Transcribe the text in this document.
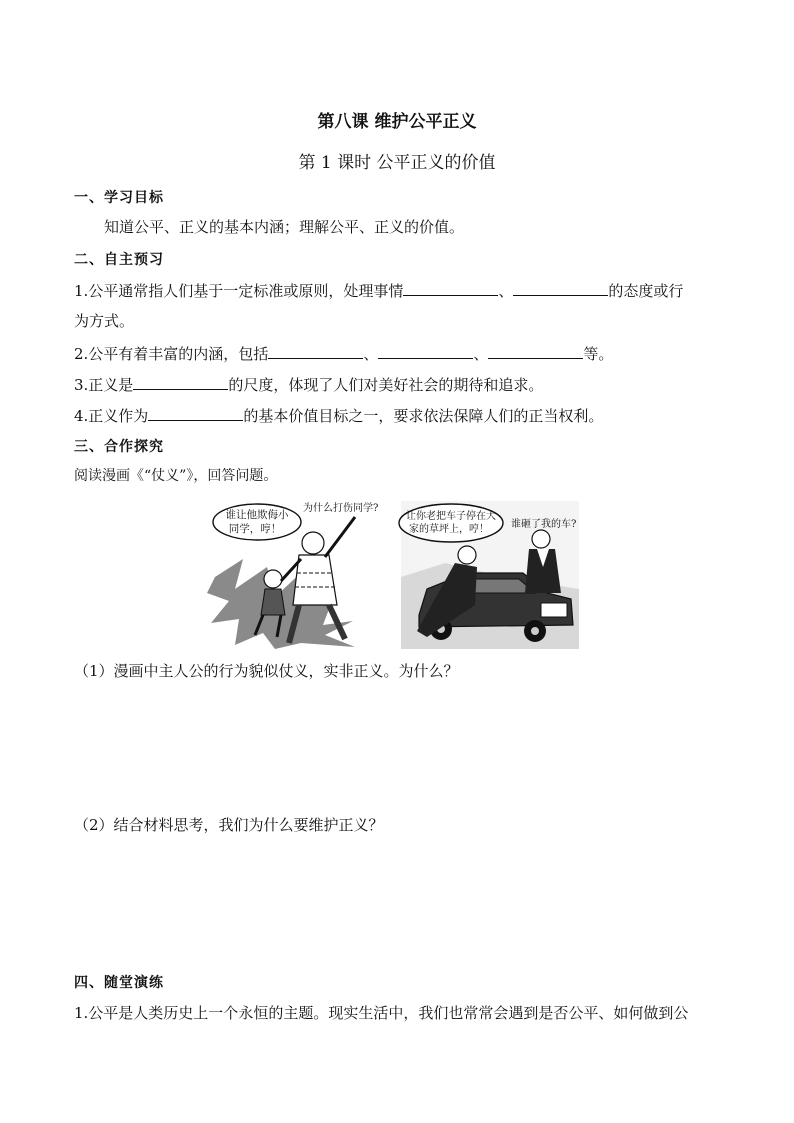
第八课 维护公平正义
第 1 课时 公平正义的价值
一、学习目标
知道公平、正义的基本内涵；理解公平、正义的价值。
二、自主预习
1.公平通常指人们基于一定标准或原则，处理事情	、	的态度或行
为方式。
2.公平有着丰富的内涵，包括	、	、	等。
3.正义是	的尺度，体现了人们对美好社会的期待和追求。
4.正义作为	的基本价值目标之一，要求依法保障人们的正当权利。
三、合作探究
阅读漫画《“仗义”》，回答问题。
谁让他欺侮小
同学，哼！
为什么打伤同学?
让你老把车子停在大
家的草坪上，哼！ 谁砸了我的车?
（1）漫画中主人公的行为貌似仗义，实非正义。为什么？
（2）结合材料思考，我们为什么要维护正义？
四、随堂演练
1.公平是人类历史上一个永恒的主题。现实生活中，我们也常常会遇到是否公平、如何做到公
